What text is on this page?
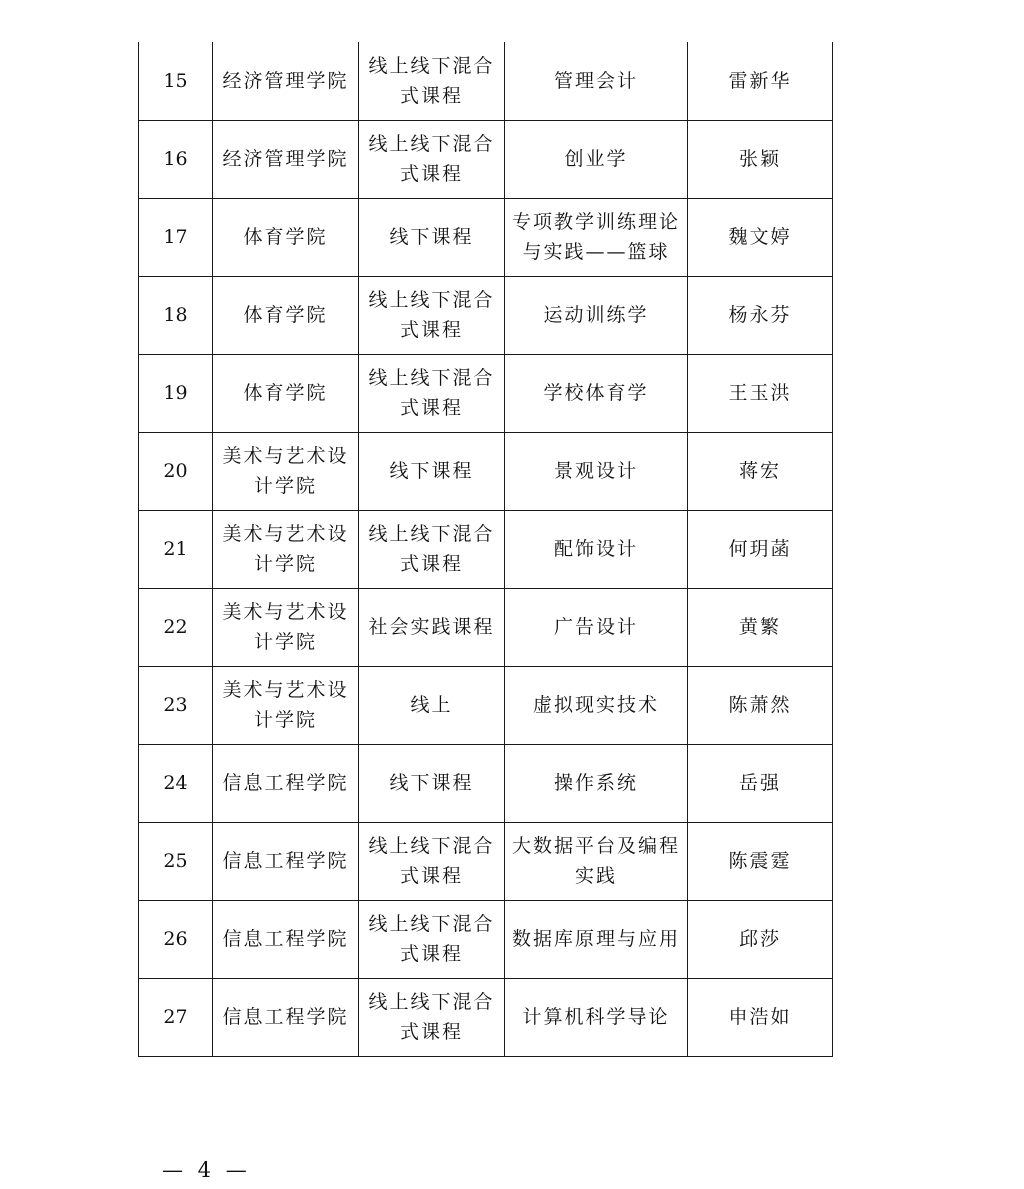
15	经济管理学院	线上线下混合式课程	管理会计	雷新华
16	经济管理学院	线上线下混合式课程	创业学	张颖
17	体育学院	线下课程	专项教学训练理论与实践——篮球	魏文婷
18	体育学院	线上线下混合式课程	运动训练学	杨永芬
19	体育学院	线上线下混合式课程	学校体育学	王玉洪
20	美术与艺术设计学院	线下课程	景观设计	蒋宏
21	美术与艺术设计学院	线上线下混合式课程	配饰设计	何玥菡
22	美术与艺术设计学院	社会实践课程	广告设计	黄繁
23	美术与艺术设计学院	线上	虚拟现实技术	陈萧然
24	信息工程学院	线下课程	操作系统	岳强
25	信息工程学院	线上线下混合式课程	大数据平台及编程实践	陈震霆
26	信息工程学院	线上线下混合式课程	数据库原理与应用	邱莎
27	信息工程学院	线上线下混合式课程	计算机科学导论	申浩如
— 4 —
